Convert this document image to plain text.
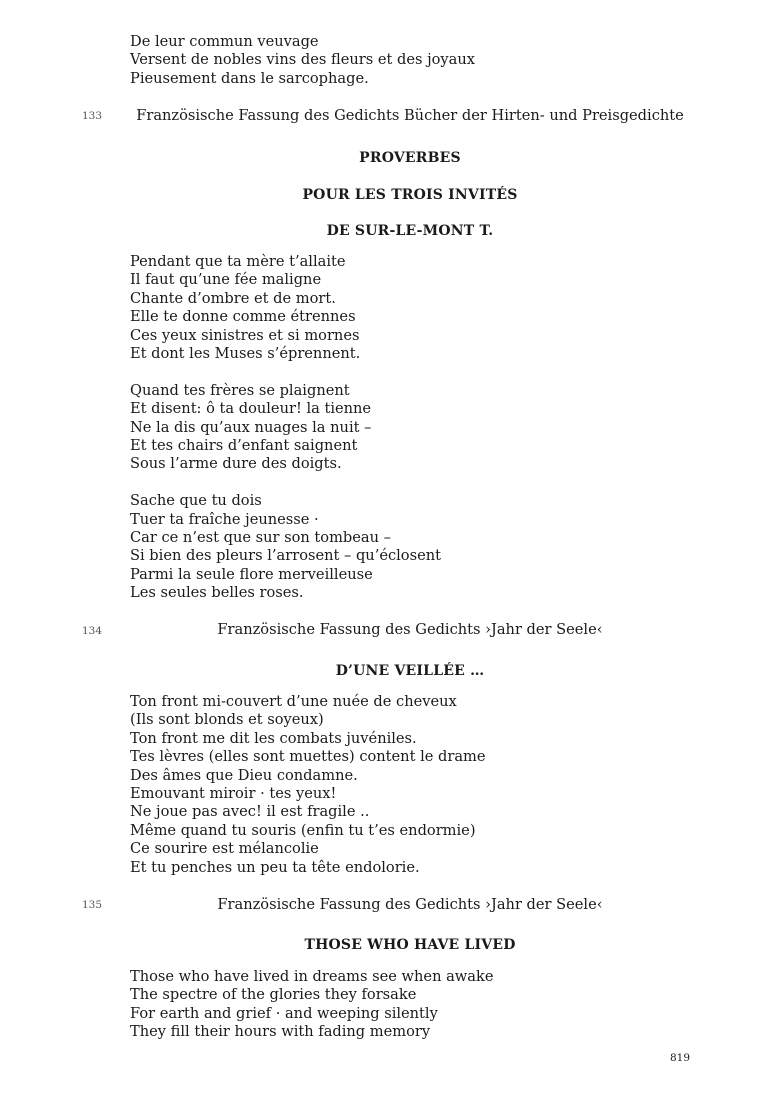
De leur commun veuvage
Versent de nobles vins des fleurs et des joyaux
Pieusement dans le sarcophage.
133	Französische Fassung des Gedichts Bücher der Hirten- und Preisgedichte
PROVERBES
POUR LES TROIS INVITÉS
DE SUR-LE-MONT T.
Pendant que ta mère t’allaite
Il faut qu’une fée maligne
Chante d’ombre et de mort.
Elle te donne comme étrennes
Ces yeux sinistres et si mornes
Et dont les Muses s’éprennent.
Quand tes frères se plaignent
Et disent: ô ta douleur! la tienne
Ne la dis qu’aux nuages la nuit –
Et tes chairs d’enfant saignent
Sous l’arme dure des doigts.
Sache que tu dois
Tuer ta fraîche jeunesse ·
Car ce n’est que sur son tombeau –
Si bien des pleurs l’arrosent – qu’éclosent
Parmi la seule flore merveilleuse
Les seules belles roses.
134	Französische Fassung des Gedichts ›Jahr der Seele‹
D’UNE VEILLÉE …
Ton front mi-couvert d’une nuée de cheveux
(Ils sont blonds et soyeux)
Ton front me dit les combats juvéniles.
Tes lèvres (elles sont muettes) content le drame
Des âmes que Dieu condamne.
Emouvant miroir · tes yeux!
Ne joue pas avec! il est fragile ..
Même quand tu souris (enfin tu t’es endormie)
Ce sourire est mélancolie
Et tu penches un peu ta tête endolorie.
135	Französische Fassung des Gedichts ›Jahr der Seele‹
THOSE WHO HAVE LIVED
Those who have lived in dreams see when awake
The spectre of the glories they forsake
For earth and grief · and weeping silently
They fill their hours with fading memory
819
